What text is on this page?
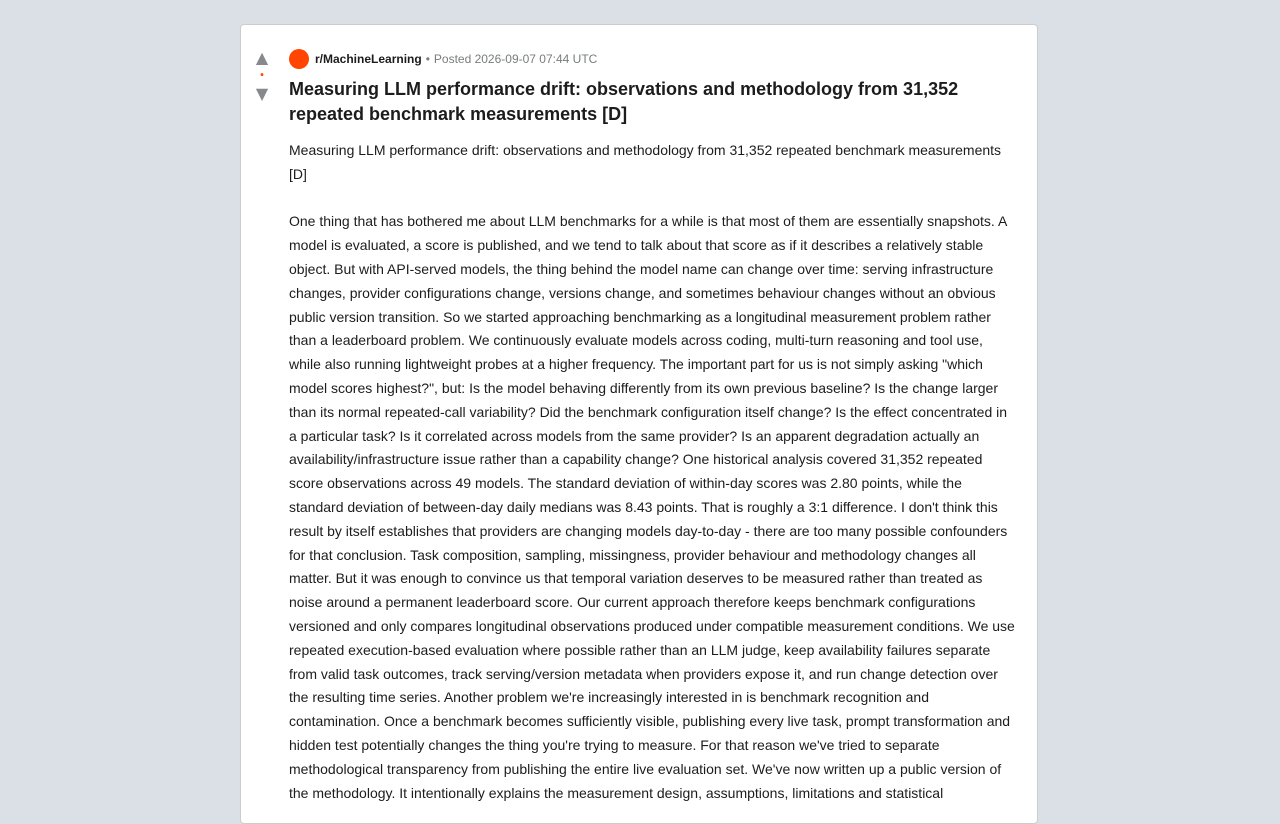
▲
•
▼
r/MachineLearning • Posted 2026-09-07 07:44 UTC
Measuring LLM performance drift: observations and methodology from 31,352 repeated benchmark measurements [D]
Measuring LLM performance drift: observations and methodology from 31,352 repeated benchmark measurements [D]

One thing that has bothered me about LLM benchmarks for a while is that most of them are essentially snapshots. A model is evaluated, a score is published, and we tend to talk about that score as if it describes a relatively stable object. But with API-served models, the thing behind the model name can change over time: serving infrastructure changes, provider configurations change, versions change, and sometimes behaviour changes without an obvious public version transition. So we started approaching benchmarking as a longitudinal measurement problem rather than a leaderboard problem. We continuously evaluate models across coding, multi-turn reasoning and tool use, while also running lightweight probes at a higher frequency. The important part for us is not simply asking "which model scores highest?", but: Is the model behaving differently from its own previous baseline? Is the change larger than its normal repeated-call variability? Did the benchmark configuration itself change? Is the effect concentrated in a particular task? Is it correlated across models from the same provider? Is an apparent degradation actually an availability/infrastructure issue rather than a capability change? One historical analysis covered 31,352 repeated score observations across 49 models. The standard deviation of within-day scores was 2.80 points, while the standard deviation of between-day daily medians was 8.43 points. That is roughly a 3:1 difference. I don't think this result by itself establishes that providers are changing models day-to-day - there are too many possible confounders for that conclusion. Task composition, sampling, missingness, provider behaviour and methodology changes all matter. But it was enough to convince us that temporal variation deserves to be measured rather than treated as noise around a permanent leaderboard score. Our current approach therefore keeps benchmark configurations versioned and only compares longitudinal observations produced under compatible measurement conditions. We use repeated execution-based evaluation where possible rather than an LLM judge, keep availability failures separate from valid task outcomes, track serving/version metadata when providers expose it, and run change detection over the resulting time series. Another problem we're increasingly interested in is benchmark recognition and contamination. Once a benchmark becomes sufficiently visible, publishing every live task, prompt transformation and hidden test potentially changes the thing you're trying to measure. For that reason we've tried to separate methodological transparency from publishing the entire live evaluation set. We've now written up a public version of the methodology. It intentionally explains the measurement design, assumptions, limitations and statistical
